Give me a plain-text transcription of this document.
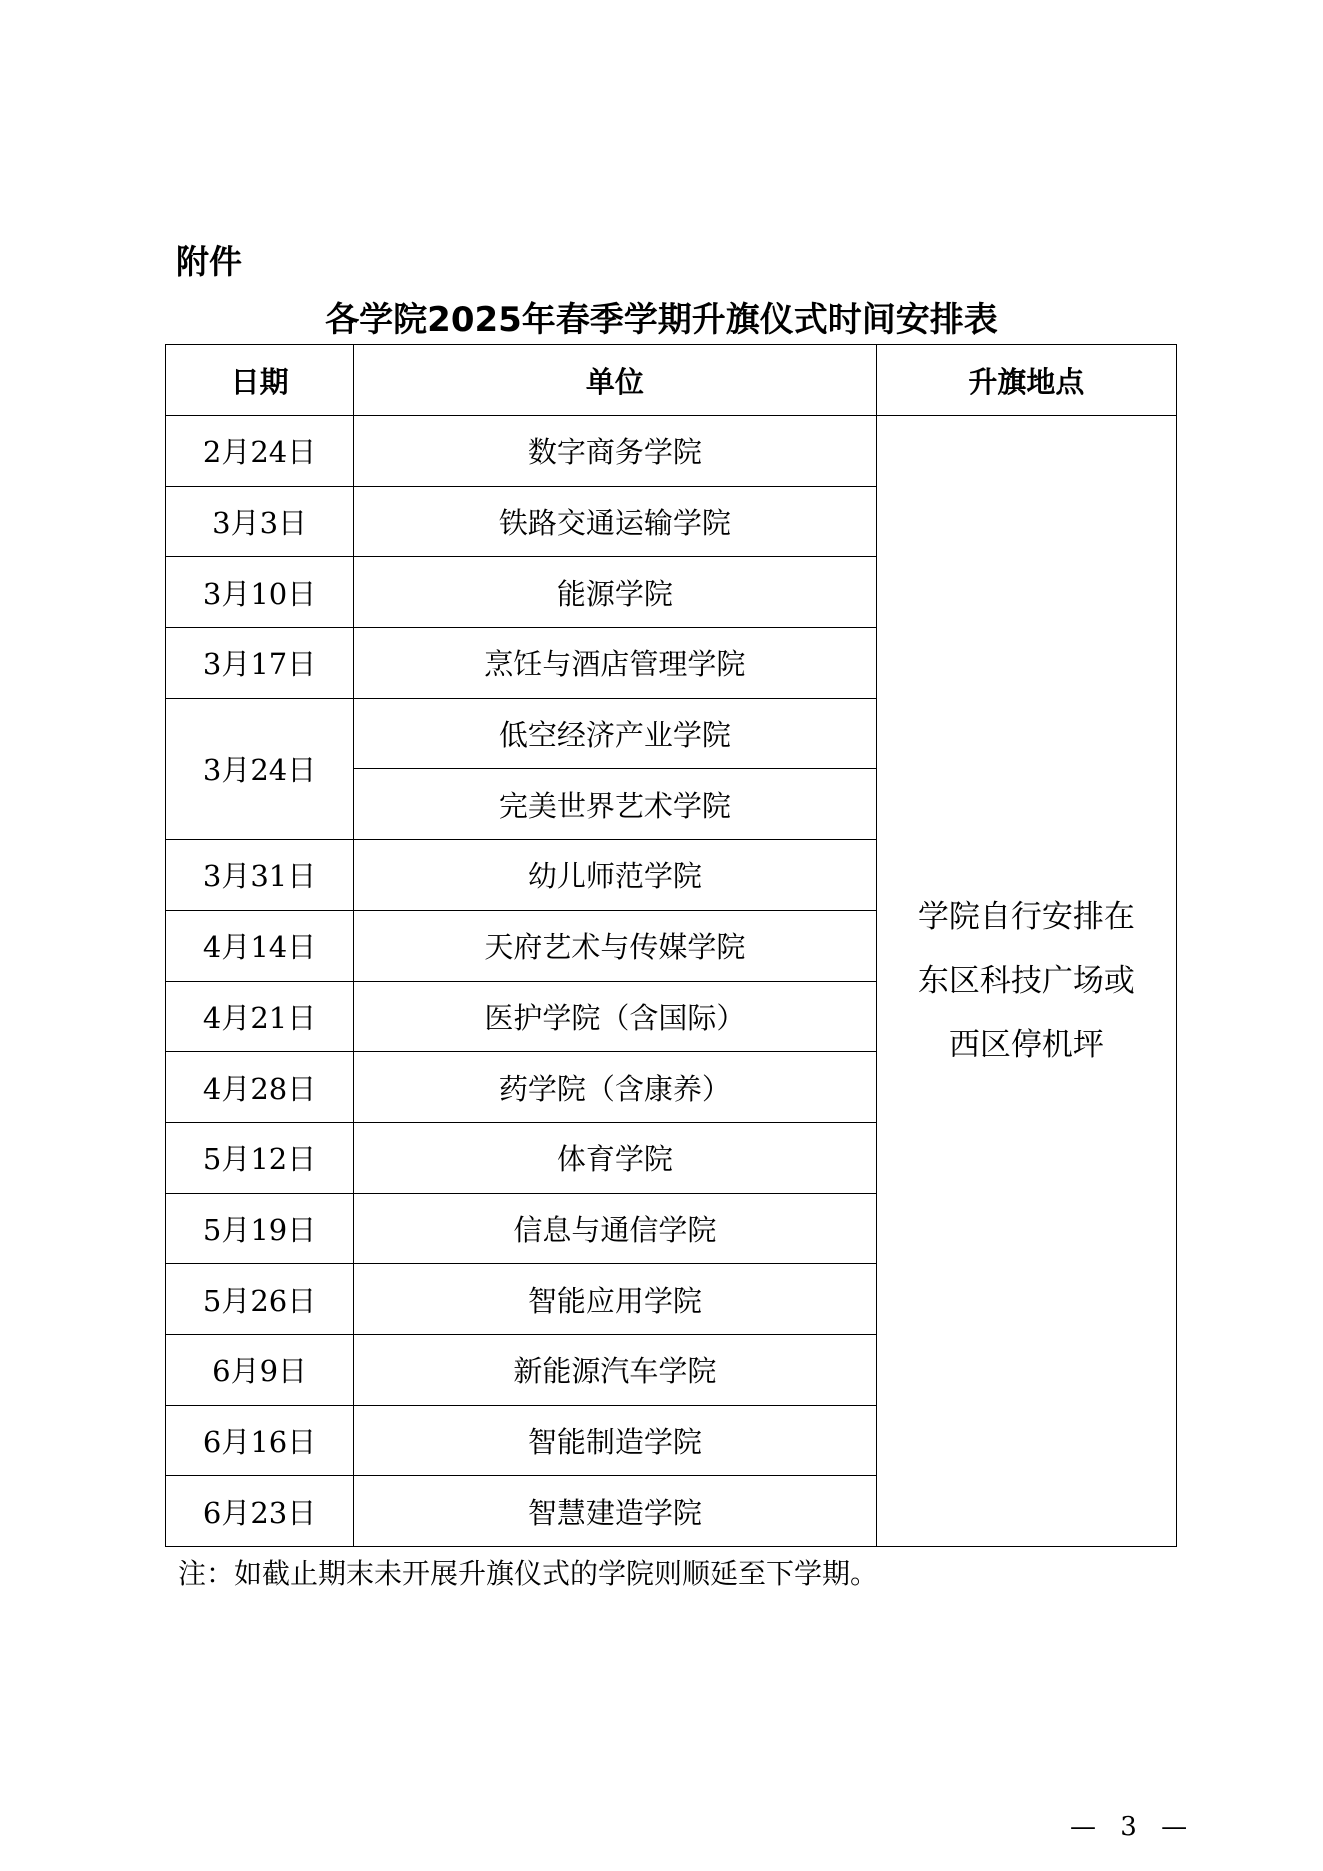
附件
各学院2025年春季学期升旗仪式时间安排表
日期	单位	升旗地点
2月24日	数字商务学院	学院自行安排在
东区科技广场或
西区停机坪

3月3日	铁路交通运输学院	
3月10日	能源学院	
3月17日	烹饪与酒店管理学院	
3月24日	低空经济产业学院	
	完美世界艺术学院	
3月31日	幼儿师范学院	
4月14日	天府艺术与传媒学院	
4月21日	医护学院（含国际）	
4月28日	药学院（含康养）	
5月12日	体育学院	
5月19日	信息与通信学院	
5月26日	智能应用学院	
6月9日	新能源汽车学院	
6月16日	智能制造学院	
6月23日	智慧建造学院	
注：如截止期末未开展升旗仪式的学院则顺延至下学期。
— 3 —
